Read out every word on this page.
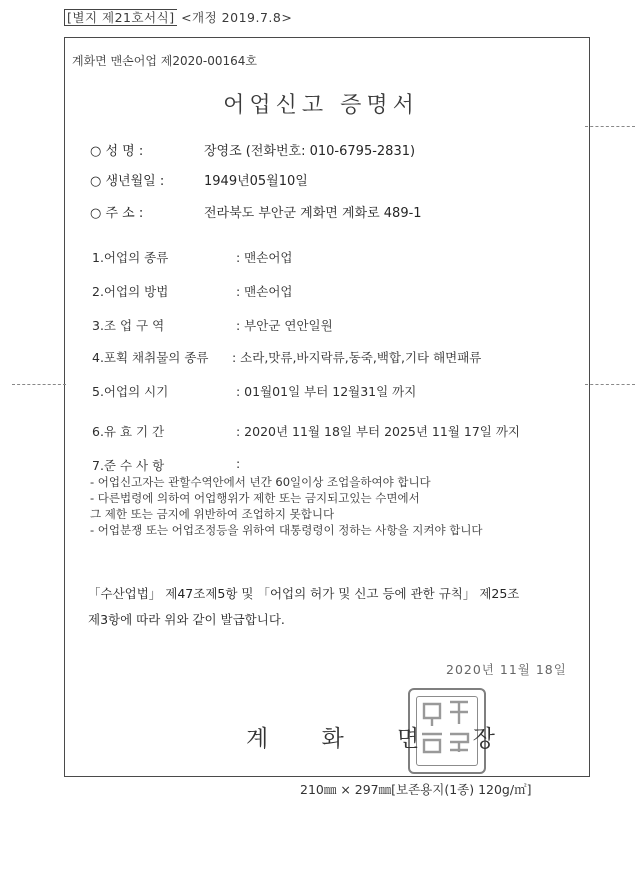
[별지 제21호서식] <개정 2019.7.8>
계화면 맨손어업 제2020-00164호
어업신고 증명서
○ 성 명 :	장영조 (전화번호: 010-6795-2831)
○ 생년월일 :	1949년05월10일
○ 주 소 :	전라북도 부안군 계화면 계화로 489-1
1.어업의 종류	: 맨손어업
2.어업의 방법	: 맨손어업
3.조 업 구 역	: 부안군 연안일원
4.포획 채취물의 종류 : 소라,맛류,바지락류,동죽,백합,기타 해면패류
5.어업의 시기	: 01월01일 부터 12월31일 까지
6.유 효 기 간	: 2020년 11월 18일 부터 2025년 11월 17일 까지
7.준 수 사 항	:
- 어업신고자는 관할수역안에서 년간 60일이상 조업을하여야 합니다
- 다른법령에 의하여 어업행위가 제한 또는 금지되고있는 수면에서
그 제한 또는 금지에 위반하여 조업하지 못합니다
- 어업분쟁 또는 어업조정등을 위하여 대통령령이 정하는 사항을 지켜야 합니다
「수산업법」 제47조제5항 및 「어업의 허가 및 신고 등에 관한 규칙」 제25조
제3항에 따라 위와 같이 발급합니다.
2020년 11월 18일
계 화 면 장
210㎜ × 297㎜[보존용지(1종) 120g/㎡]
